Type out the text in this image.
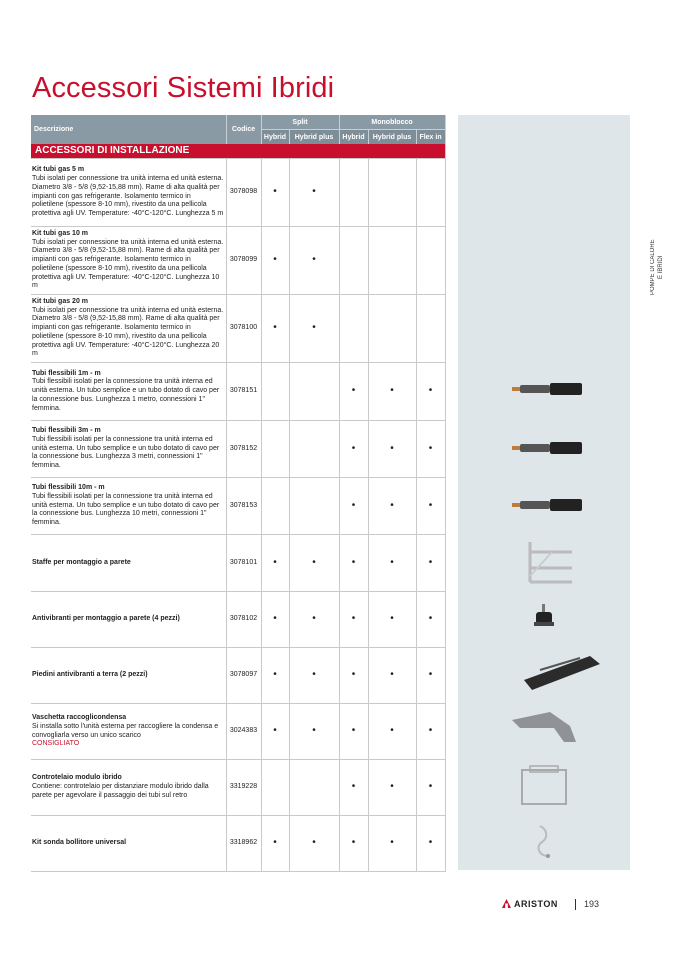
Accessori Sistemi Ibridi
POMPE DI CALORE E IBRIDI
Descrizione	Codice	Split		Monoblocco		
		Hybrid	Hybrid plus	Hybrid	Hybrid plus	Flex in
ACCESSORI DI INSTALLAZIONE						

Kit tubi gas 5 m
Tubi isolati per connessione tra unità interna ed unità esterna. Diametro 3/8 - 5/8 (9,52-15,88 mm). Rame di alta qualità per impianti con gas refrigerante. Isolamento termico in polietilene (spessore 8-10 mm), rivestito da una pellicola protettiva agli UV. Temperature: -40°C-120°C. Lunghezza 5 m	3078098	•	•			

Kit tubi gas 10 m
Tubi isolati per connessione tra unità interna ed unità esterna. Diametro 3/8 - 5/8 (9,52-15,88 mm). Rame di alta qualità per impianti con gas refrigerante. Isolamento termico in polietilene (spessore 8-10 mm), rivestito da una pellicola protettiva agli UV. Temperature: -40°C-120°C. Lunghezza 10 m	3078099	•	•			

Kit tubi gas 20 m
Tubi isolati per connessione tra unità interna ed unità esterna. Diametro 3/8 - 5/8 (9,52-15,88 mm). Rame di alta qualità per impianti con gas refrigerante. Isolamento termico in polietilene (spessore 8-10 mm), rivestito da una pellicola protettiva agli UV. Temperature: -40°C-120°C. Lunghezza 20 m	3078100	•	•			

Tubi flessibili 1m - m
Tubi flessibili isolati per la connessione tra unità interna ed unità esterna. Un tubo semplice e un tubo dotato di cavo per la connessione bus. Lunghezza 1 metro, connessioni 1" femmina.	3078151			•	•	•

Tubi flessibili 3m - m
Tubi flessibili isolati per la connessione tra unità interna ed unità esterna. Un tubo semplice e un tubo dotato di cavo per la connessione bus. Lunghezza 3 metri, connessioni 1" femmina.	3078152			•	•	•

Tubi flessibili 10m - m
Tubi flessibili isolati per la connessione tra unità interna ed unità esterna. Un tubo semplice e un tubo dotato di cavo per la connessione bus. Lunghezza 10 metri, connessioni 1" femmina.	3078153			•	•	•

Staffe per montaggio a parete	3078101	•	•	•	•	•

Antivibranti per montaggio a parete (4 pezzi)	3078102	•	•	•	•	•

Piedini antivibranti a terra (2 pezzi)	3078097	•	•	•	•	•

Vaschetta raccoglicondensa
Si installa sotto l'unità esterna per raccogliere la condensa e convogliarla verso un unico scarico
CONSIGLIATO	3024383	•	•	•	•	•

Controtelaio modulo ibrido
Contiene: controtelaio per distanziare modulo ibrido dalla parete per agevolare il passaggio dei tubi sul retro	3319228			•	•	•

Kit sonda bollitore universal	3318962	•	•	•	•	•
ARISTON	193
